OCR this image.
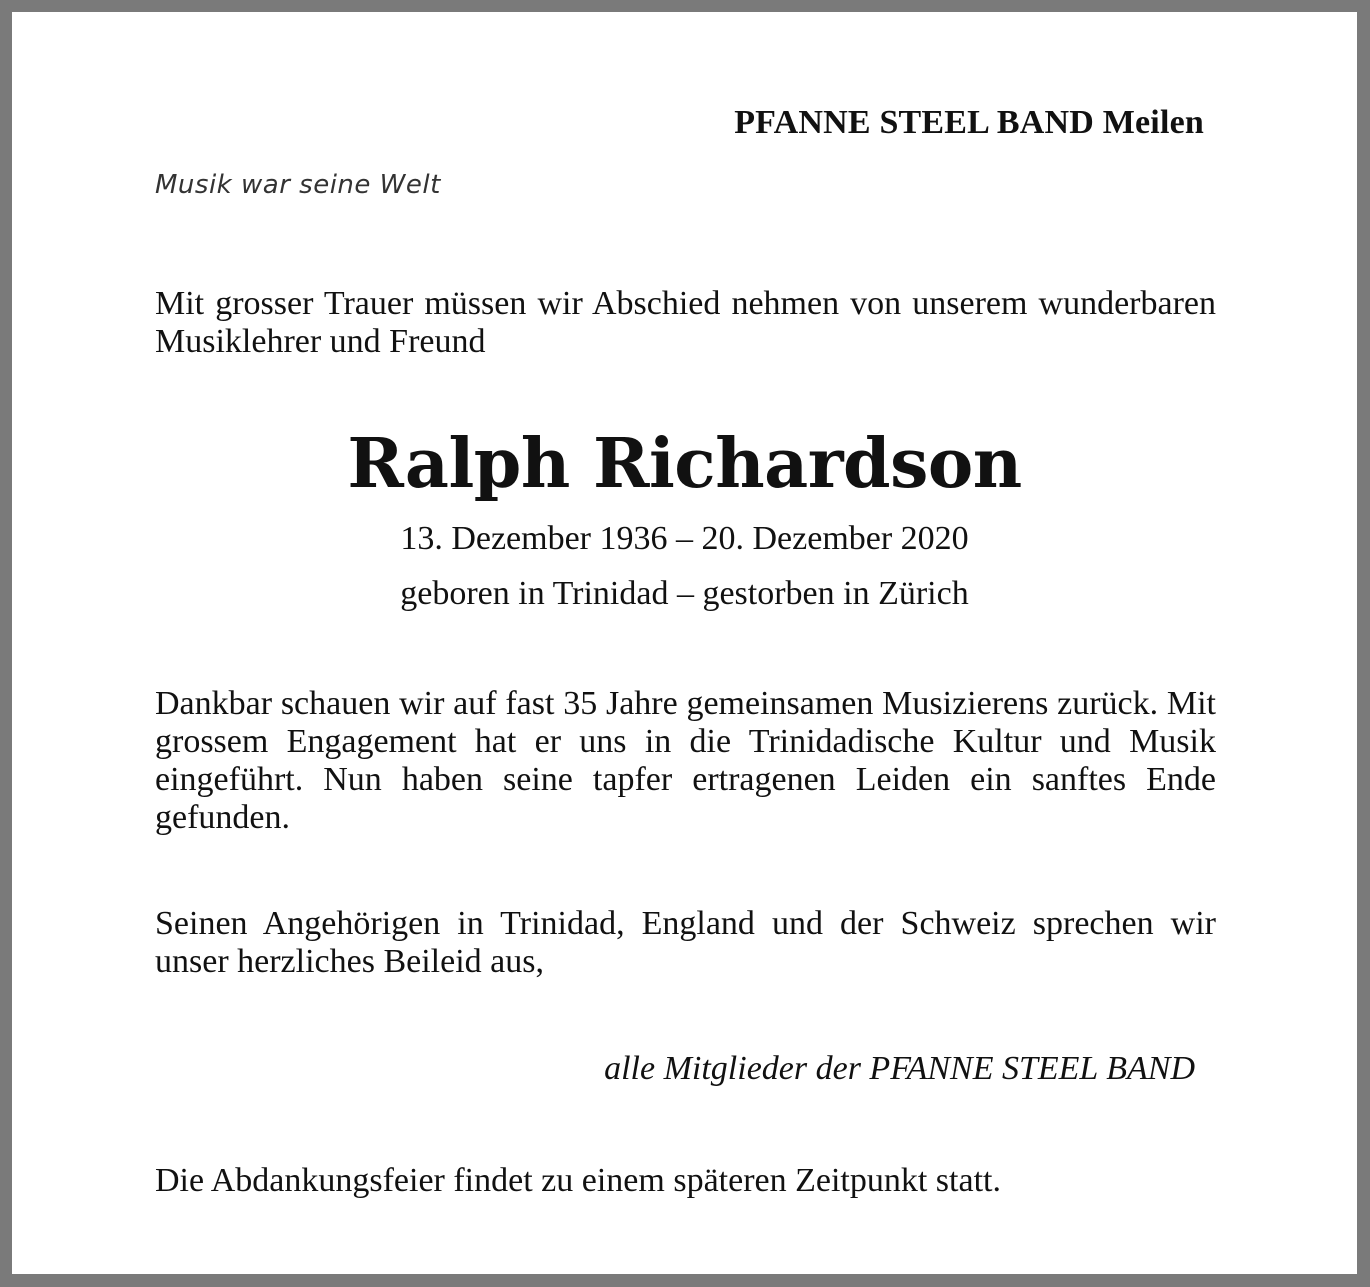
PFANNE STEEL BAND Meilen
Musik war seine Welt
Mit grosser Trauer müssen wir Abschied nehmen von unserem wunderbaren Musiklehrer und Freund
Ralph Richardson
13. Dezember 1936 – 20. Dezember 2020
geboren in Trinidad – gestorben in Zürich
Dankbar schauen wir auf fast 35 Jahre gemeinsamen Musizierens zurück. Mit grossem Engagement hat er uns in die Trinidadische Kultur und Musik eingeführt. Nun haben seine tapfer ertragenen Leiden ein sanftes Ende gefunden.
Seinen Angehörigen in Trinidad, England und der Schweiz sprechen wir unser herzliches Beileid aus,
alle Mitglieder der PFANNE STEEL BAND
Die Abdankungsfeier findet zu einem späteren Zeitpunkt statt.
